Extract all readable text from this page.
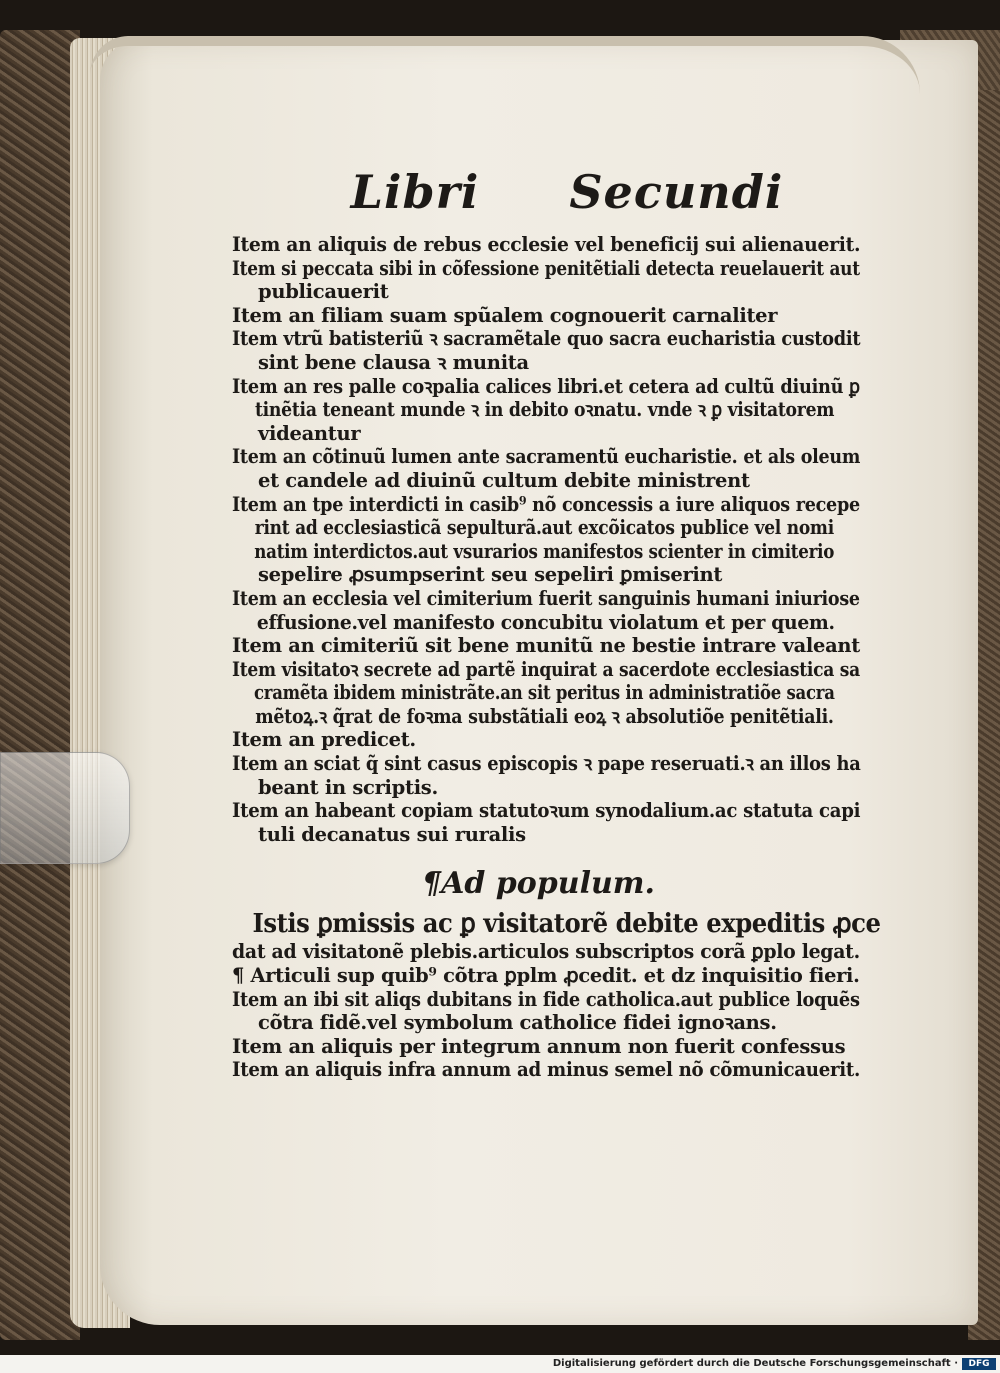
Libri Secundi
Item an aliquis de rebus ecclesie vel beneficij sui alienauerit.
Item si peccata sibi in cõfessione penitẽtiali detecta reuelauerit aut
publicauerit
Item an filiam suam spũalem cognouerit carnaliter
Item vtrũ batisteriũ ꝛ sacramẽtale quo sacra eucharistia custodit
sint bene clausa ꝛ munita
Item an res palle coꝛpalia calices libri.et cetera ad cultũ diuinũ ꝑ
tinẽtia teneant munde ꝛ in debito oꝛnatu. vnde ꝛ ꝑ visitatorem
videantur
Item an cõtinuũ lumen ante sacramentũ eucharistie. et als oleum
et candele ad diuinũ cultum debite ministrent
Item an tpe interdicti in casib⁹ nõ concessis a iure aliquos recepe
rint ad ecclesiasticã sepulturã.aut excõicatos publice vel nomi
natim interdictos.aut vsurarios manifestos scienter in cimiterio
sepelire ꝓsumpserint seu sepeliri ꝑmiserint
Item an ecclesia vel cimiterium fuerit sanguinis humani iniuriose
effusione.vel manifesto concubitu violatum et per quem.
Item an cimiteriũ sit bene munitũ ne bestie intrare valeant
Item visitatoꝛ secrete ad partẽ inquirat a sacerdote ecclesiastica sa
cramẽta ibidem ministrãte.an sit peritus in administratiõe sacra
mẽtoꝝ.ꝛ q̃rat de foꝛma substãtiali eoꝝ ꝛ absolutiõe penitẽtiali.
Item an predicet.
Item an sciat q̃ sint casus episcopis ꝛ pape reseruati.ꝛ an illos ha
beant in scriptis.
Item an habeant copiam statutoꝛum synodalium.ac statuta capi
tuli decanatus sui ruralis
¶Ad populum.
Istis ꝑmissis ac ꝑ visitatorẽ debite expeditis ꝓce
dat ad visitatonẽ plebis.articulos subscriptos corã ꝑplo legat.
¶ Articuli sup quib⁹ cõtra ꝑplm ꝓcedit. et dz inquisitio fieri.
Item an ibi sit aliqs dubitans in fide catholica.aut publice loquẽs
cõtra fidẽ.vel symbolum catholice fidei ignoꝛans.
Item an aliquis per integrum annum non fuerit confessus
Item an aliquis infra annum ad minus semel nõ cõmunicauerit.
Digitalisierung gefördert durch die Deutsche Forschungsgemeinschaft ·	DFG
